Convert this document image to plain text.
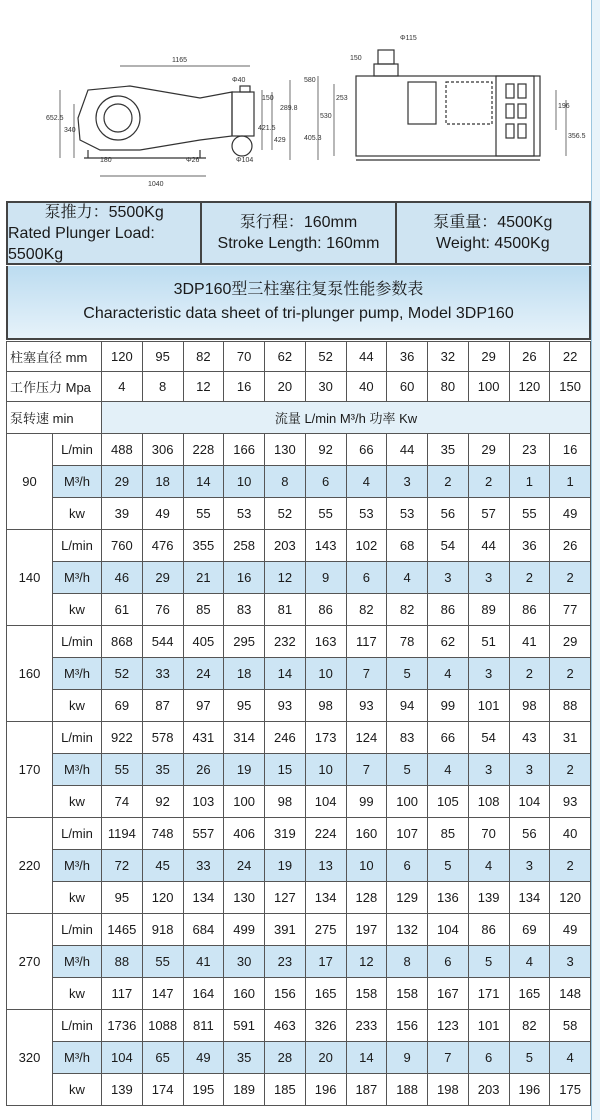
1165
Φ40
Φ115
580
150
652.5
340
1040
180	Φ26	Φ104
421.5
429
289.8
150	253
530
405.3
196
356.5
泵推力：5500Kg
Rated Plunger Load: 5500Kg
泵行程：160mm
Stroke Length: 160mm
泵重量：4500Kg
Weight: 4500Kg
3DP160型三柱塞往复泵性能参数表
Characteristic data sheet of tri-plunger pump, Model 3DP160
柱塞直径 mm		120	95	82	70	62	52	44	36	32	29	26	22
工作压力 Mpa		4	8	12	16	20	30	40	60	80	100	120	150
泵转速 min		流量 L/min M³/h 功率 Kw											
90	L/min	488	306	228	166	130	92	66	44	35	29	23	16
	M³/h	29	18	14	10	8	6	4	3	2	2	1	1
	kw	39	49	55	53	52	55	53	53	56	57	55	49
140	L/min	760	476	355	258	203	143	102	68	54	44	36	26
	M³/h	46	29	21	16	12	9	6	4	3	3	2	2
	kw	61	76	85	83	81	86	82	82	86	89	86	77
160	L/min	868	544	405	295	232	163	117	78	62	51	41	29
	M³/h	52	33	24	18	14	10	7	5	4	3	2	2
	kw	69	87	97	95	93	98	93	94	99	101	98	88
170	L/min	922	578	431	314	246	173	124	83	66	54	43	31
	M³/h	55	35	26	19	15	10	7	5	4	3	3	2
	kw	74	92	103	100	98	104	99	100	105	108	104	93
220	L/min	1194	748	557	406	319	224	160	107	85	70	56	40
	M³/h	72	45	33	24	19	13	10	6	5	4	3	2
	kw	95	120	134	130	127	134	128	129	136	139	134	120
270	L/min	1465	918	684	499	391	275	197	132	104	86	69	49
	M³/h	88	55	41	30	23	17	12	8	6	5	4	3
	kw	117	147	164	160	156	165	158	158	167	171	165	148
320	L/min	1736	1088	811	591	463	326	233	156	123	101	82	58
	M³/h	104	65	49	35	28	20	14	9	7	6	5	4
	kw	139	174	195	189	185	196	187	188	198	203	196	175
